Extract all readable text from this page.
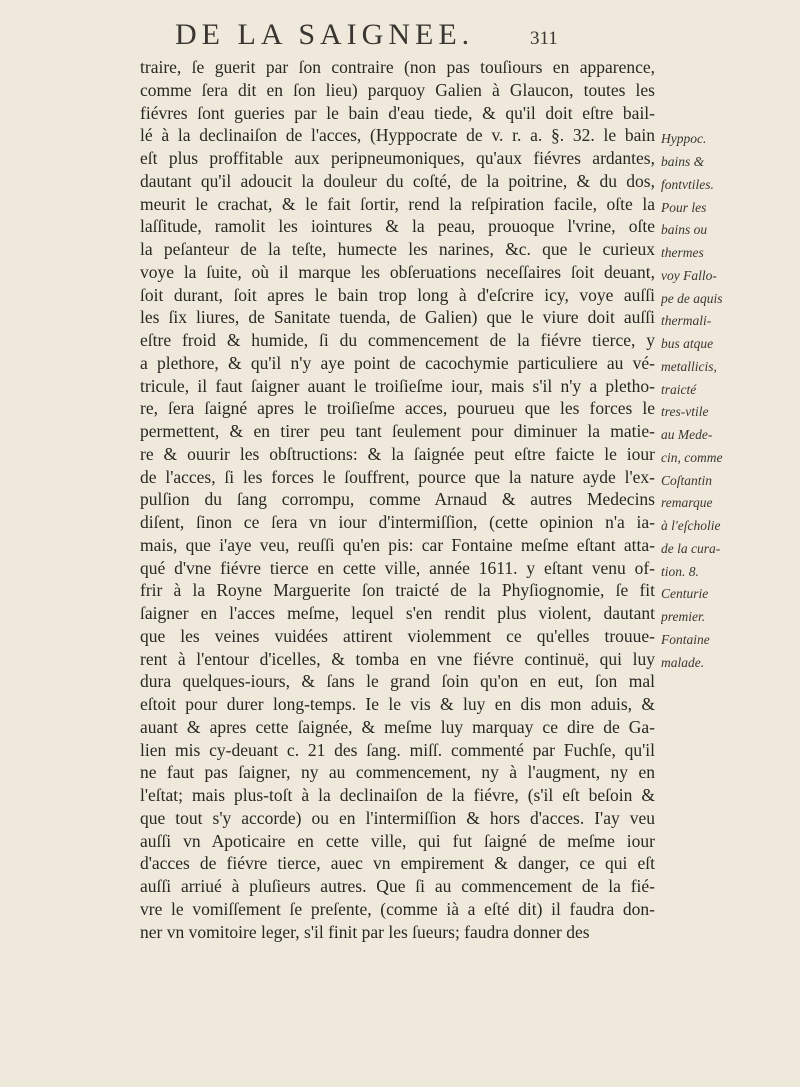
DE LA SAIGNEE.	311
traire, ſe guerit par ſon contraire (non pas touſiours en apparence,
comme ſera dit en ſon lieu) parquoy Galien à Glaucon, toutes les
fiévres ſont gueries par le bain d'eau tiede, & qu'il doit eſtre bail-
lé à la declinaiſon de l'acces, (Hyppocrate de v. r. a. §. 32. le bain
eſt plus proffitable aux peripneumoniques, qu'aux fiévres ardantes,
dautant qu'il adoucit la douleur du coſté, de la poitrine, & du dos,
meurit le crachat, & le fait ſortir, rend la reſpiration facile, oſte la
laſſitude, ramolit les iointures & la peau, prouoque l'vrine, oſte
la peſanteur de la teſte, humecte les narines, &c. que le curieux
voye la ſuite, où il marque les obſeruations neceſſaires ſoit deuant,
ſoit durant, ſoit apres le bain trop long à d'eſcrire icy, voye auſſi
les ſix liures, de Sanitate tuenda, de Galien) que le viure doit auſſi
eſtre froid & humide, ſi du commencement de la fiévre tierce, y
a plethore, & qu'il n'y aye point de cacochymie particuliere au vé-
tricule, il faut ſaigner auant le troiſieſme iour, mais s'il n'y a pletho-
re, ſera ſaigné apres le troiſieſme acces, pourueu que les forces le
permettent, & en tirer peu tant ſeulement pour diminuer la matie-
re & ouurir les obſtructions: & la ſaignée peut eſtre faicte le iour
de l'acces, ſi les forces le ſouffrent, pource que la nature ayde l'ex-
pulſion du ſang corrompu, comme Arnaud & autres Medecins
diſent, ſinon ce ſera vn iour d'intermiſſion, (cette opinion n'a ia-
mais, que i'aye veu, reuſſi qu'en pis: car Fontaine meſme eſtant atta-
qué d'vne fiévre tierce en cette ville, année 1611. y eſtant venu of-
frir à la Royne Marguerite ſon traicté de la Phyſiognomie, ſe fit
ſaigner en l'acces meſme, lequel s'en rendit plus violent, dautant
que les veines vuidées attirent violemment ce qu'elles trouue-
rent à l'entour d'icelles, & tomba en vne fiévre continuë, qui luy
dura quelques-iours, & ſans le grand ſoin qu'on en eut, ſon mal
eſtoit pour durer long-temps. Ie le vis & luy en dis mon aduis, &
auant & apres cette ſaignée, & meſme luy marquay ce dire de Ga-
lien mis cy-deuant c. 21 des ſang. miſſ. commenté par Fuchſe, qu'il
ne faut pas ſaigner, ny au commencement, ny à l'augment, ny en
l'eſtat; mais plus-toſt à la declinaiſon de la fiévre, (s'il eſt beſoin &
que tout s'y accorde) ou en l'intermiſſion & hors d'acces. I'ay veu
auſſi vn Apoticaire en cette ville, qui fut ſaigné de meſme iour
d'acces de fiévre tierce, auec vn empirement & danger, ce qui eſt
auſſi arriué à pluſieurs autres. Que ſi au commencement de la fié-
vre le vomiſſement ſe preſente, (comme ià a eſté dit) il faudra don-
ner vn vomitoire leger, s'il finit par les ſueurs; faudra donner des
Hyppoc.
bains &
fontvtiles.
Pour les
bains ou
thermes
voy Fallo-
pe de aquis
thermali-
bus atque
metallicis,
traicté
tres-vtile
au Mede-
cin, comme
Coſtantin
remarque
à l'eſcholie
de la cura-
tion. 8.
Centurie
premier.
Fontaine
malade.
